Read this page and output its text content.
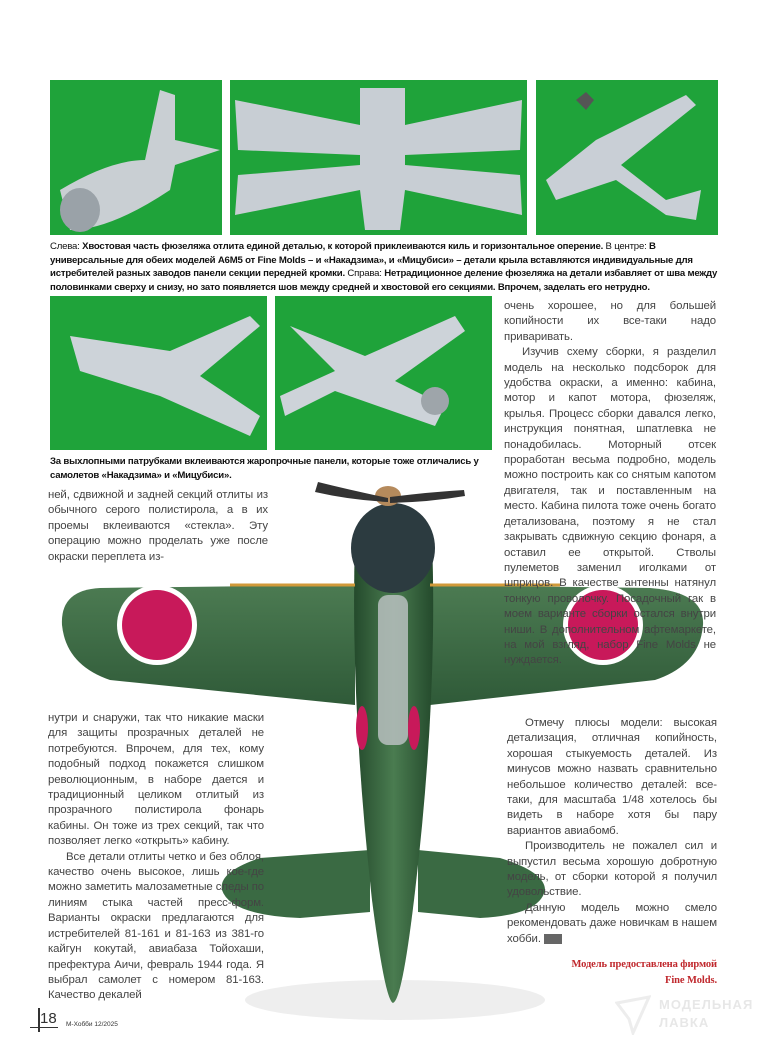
Слева: Хвостовая часть фюзеляжа отлита единой деталью, к которой приклеиваются киль и горизонтальное оперение. В центре: В универсальные для обеих моделей A6M5 от Fine Molds – и «Накадзима», и «Мицубиси» – детали крыла вставляются индивидуальные для истребителей разных заводов панели секции передней кромки. Справа: Нетрадиционное деление фюзеляжа на детали избавляет от шва между половинками сверху и снизу, но зато появляется шов между средней и хвостовой его секциями. Впрочем, заделать его нетрудно.
За выхлопными патрубками вклеиваются жаропрочные панели, которые тоже отличались у самолетов «Накадзима» и «Мицубиси».

очень хорошее, но для большей копийности их все-таки надо приваривать.

Изучив схему сборки, я разделил модель на несколько подсборок для удобства окраски, а именно: кабина, мотор и капот мотора, фюзеляж, крылья. Процесс сборки давался легко, инструкция понятная, шпатлевка не понадобилась. Моторный отсек проработан весьма подробно, модель можно построить как со снятым капотом двигателя, так и поставленным на место. Кабина пилота тоже очень богато детализована, поэтому я не стал закрывать сдвижную секцию фонаря, а оставил ее открытой. Стволы пулеметов заменил иголками от шприцов. В качестве антенны натянул тонкую проволочку. Посадочный гак в моем варианте сборки остался внутри ниши. В дополнительном афтемаркете, на мой взгляд, набор Fine Molds не нуждается.

ней, сдвижной и задней секций отлиты из обычного серого полистирола, а в их проемы вклеиваются «стекла». Эту операцию можно проделать уже после окраски переплета из-

нутри и снаружи, так что никакие маски для защиты прозрачных деталей не потребуются. Впрочем, для тех, кому подобный подход покажется слишком революционным, в наборе дается и традиционный целиком отлитый из прозрачного полистирола фонарь кабины. Он тоже из трех секций, так что позволяет легко «открыть» кабину.

Все детали отлиты четко и без облоя, качество очень высокое, лишь кое-где можно заметить малозаметные следы по линиям стыка частей пресс-форм. Варианты окраски предлагаются для истребителей 81-161 и 81-163 из 381-го кайгун кокутай, авиабаза Тойохаши, префектура Аичи, февраль 1944 года. Я выбрал самолет с номером 81-163. Качество декалей

Отмечу плюсы модели: высокая детализация, отличная копийность, хорошая стыкуемость деталей. Из минусов можно назвать сравнительно небольшое количество деталей: все-таки, для масштаба 1/48 хотелось бы видеть в наборе хотя бы пару вариантов авиабомб.

Производитель не пожалел сил и выпустил весьма хорошую добротную модель, от сборки которой я получил удовольствие.

Данную модель можно смело рекомендовать даже новичкам в нашем хобби.

Модель предоставлена фирмой
Fine Molds.
18 M-Хобби 12/2025
МОДЕЛЬНАЯ
ЛАВКА
